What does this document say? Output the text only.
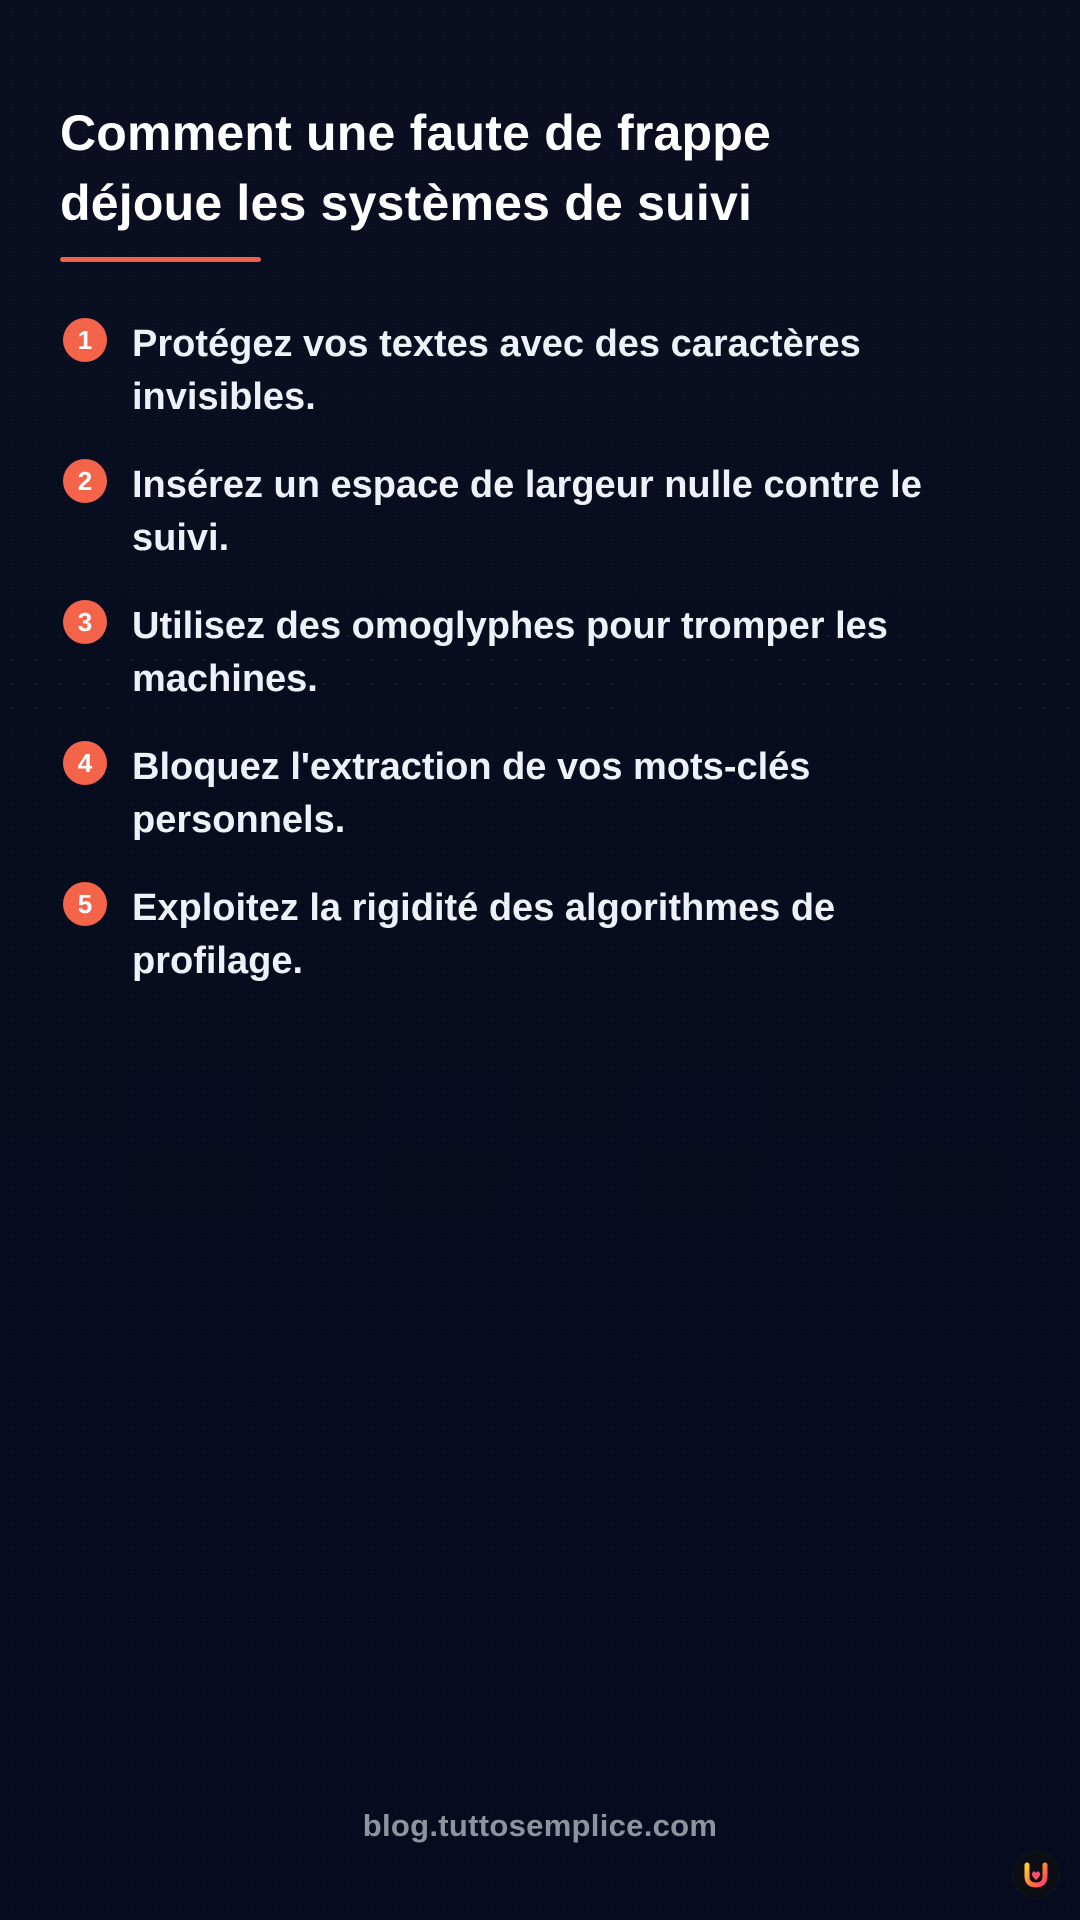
Comment une faute de frappe
déjoue les systèmes de suivi
1	Protégez vos textes avec des caractères
invisibles.
2	Insérez un espace de largeur nulle contre le
suivi.
3	Utilisez des omoglyphes pour tromper les
machines.
4	Bloquez l'extraction de vos mots-clés
personnels.
5	Exploitez la rigidité des algorithmes de
profilage.
blog.tuttosemplice.com
